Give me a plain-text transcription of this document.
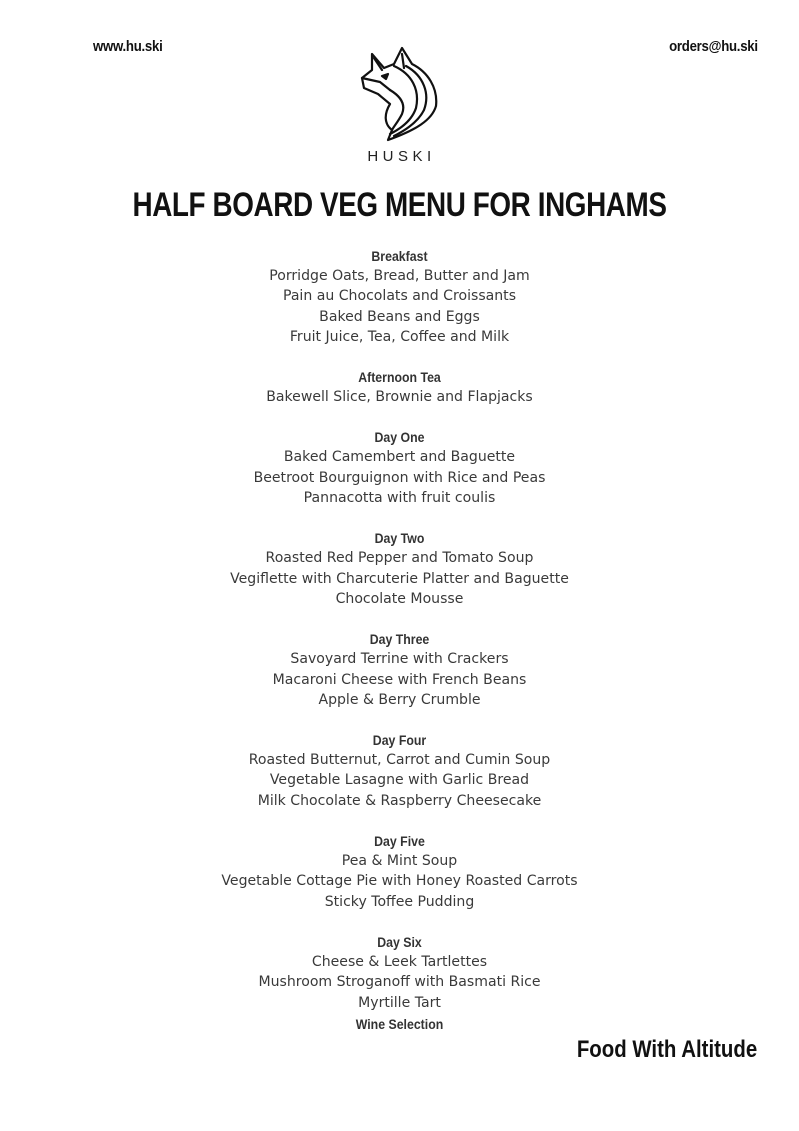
www.hu.ski	orders@hu.ski
HUSKI
HALF BOARD VEG MENU FOR INGHAMS
Breakfast
Porridge Oats, Bread, Butter and Jam
Pain au Chocolats and Croissants
Baked Beans and Eggs
Fruit Juice, Tea, Coffee and Milk
Afternoon Tea
Bakewell Slice, Brownie and Flapjacks
Day One
Baked Camembert and Baguette
Beetroot Bourguignon with Rice and Peas
Pannacotta with fruit coulis
Day Two
Roasted Red Pepper and Tomato Soup
Vegiflette with Charcuterie Platter and Baguette
Chocolate Mousse
Day Three
Savoyard Terrine with Crackers
Macaroni Cheese with French Beans
Apple & Berry Crumble
Day Four
Roasted Butternut, Carrot and Cumin Soup
Vegetable Lasagne with Garlic Bread
Milk Chocolate & Raspberry Cheesecake
Day Five
Pea & Mint Soup
Vegetable Cottage Pie with Honey Roasted Carrots
Sticky Toffee Pudding
Day Six
Cheese & Leek Tartlettes
Mushroom Stroganoff with Basmati Rice
Myrtille Tart
Wine Selection
Food With Altitude
